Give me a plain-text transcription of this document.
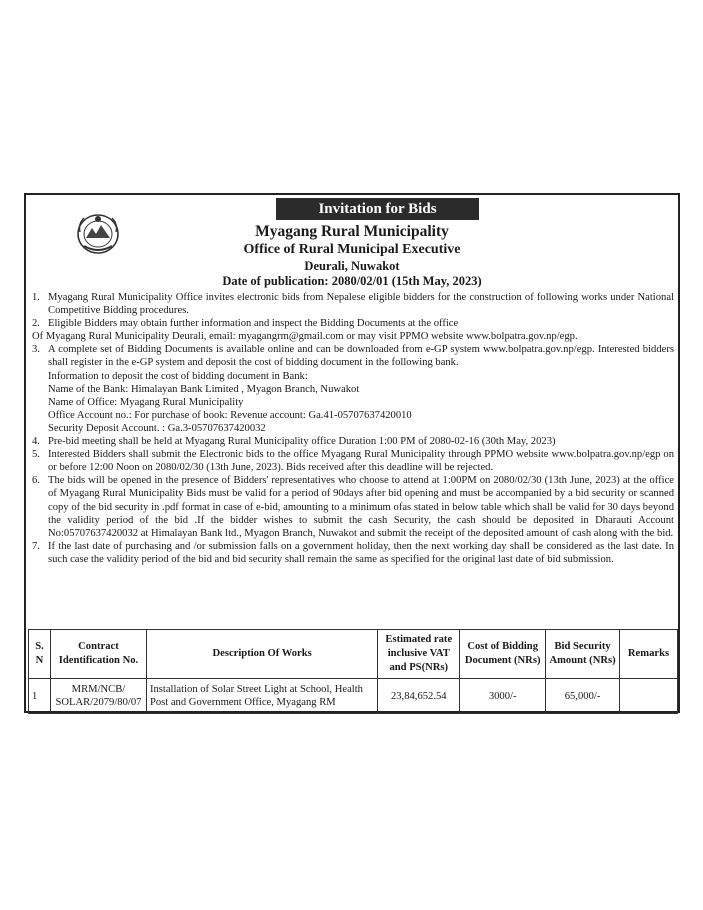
Invitation for Bids
Myagang Rural Municipality
Office of Rural Municipal Executive
Deurali, Nuwakot
Date of publication: 2080/02/01 (15th May, 2023)
1. Myagang Rural Municipality Office invites electronic bids from Nepalese eligible bidders for the construction of following works under National Competitive Bidding procedures.
2. Eligible Bidders may obtain further information and inspect the Bidding Documents at the office
Of Myagang Rural Municipality Deurali, email: myagangrm@gmail.com or may visit PPMO website www.bolpatra.gov.np/egp.
3. A complete set of Bidding Documents is available online and can be downloaded from e-GP system www.bolpatra.gov.np/egp. Interested bidders shall register in the e-GP system and deposit the cost of bidding document in the following bank.
Information to deposit the cost of bidding document in Bank:
Name of the Bank: Himalayan Bank Limited , Myagon Branch, Nuwakot
Name of Office: Myagang Rural Municipality
Office Account no.: For purchase of book: Revenue account: Ga.41-05707637420010
Security Deposit Account. : Ga.3-05707637420032
4. Pre-bid meeting shall be held at Myagang Rural Municipality office Duration 1:00 PM of 2080-02-16 (30th May, 2023)
5. Interested Bidders shall submit the Electronic bids to the office Myagang Rural Municipality through PPMO website www.bolpatra.gov.np/egp on or before 12:00 Noon on 2080/02/30 (13th June, 2023). Bids received after this deadline will be rejected.
6. The bids will be opened in the presence of Bidders' representatives who choose to attend at 1:00PM on 2080/02/30 (13th June, 2023) at the office of Myagang Rural Municipality Bids must be valid for a period of 90days after bid opening and must be accompanied by a bid security or scanned copy of the bid security in .pdf format in case of e-bid, amounting to a minimum ofas stated in below table which shall be valid for 30 days beyond the validity period of the bid .If the bidder wishes to submit the cash Security, the cash should be deposited in Dharauti Account No:05707637420032 at Himalayan Bank ltd., Myagon Branch, Nuwakot and submit the receipt of the deposited amount of cash along with the bid.
7. If the last date of purchasing and /or submission falls on a government holiday, then the next working day shall be considered as the last date. In such case the validity period of the bid and bid security shall remain the same as specified for the original last date of bid submission.
S. N	Contract Identification No.	Description Of Works	Estimated rate inclusive VAT and PS(NRs)	Cost of Bidding Document (NRs)	Bid Security Amount (NRs)	Remarks
1	MRM/NCB/ SOLAR/2079/80/07	Installation of Solar Street Light at School, Health Post and Government Office, Myagang RM	23,84,652.54	3000/-	65,000/-	
